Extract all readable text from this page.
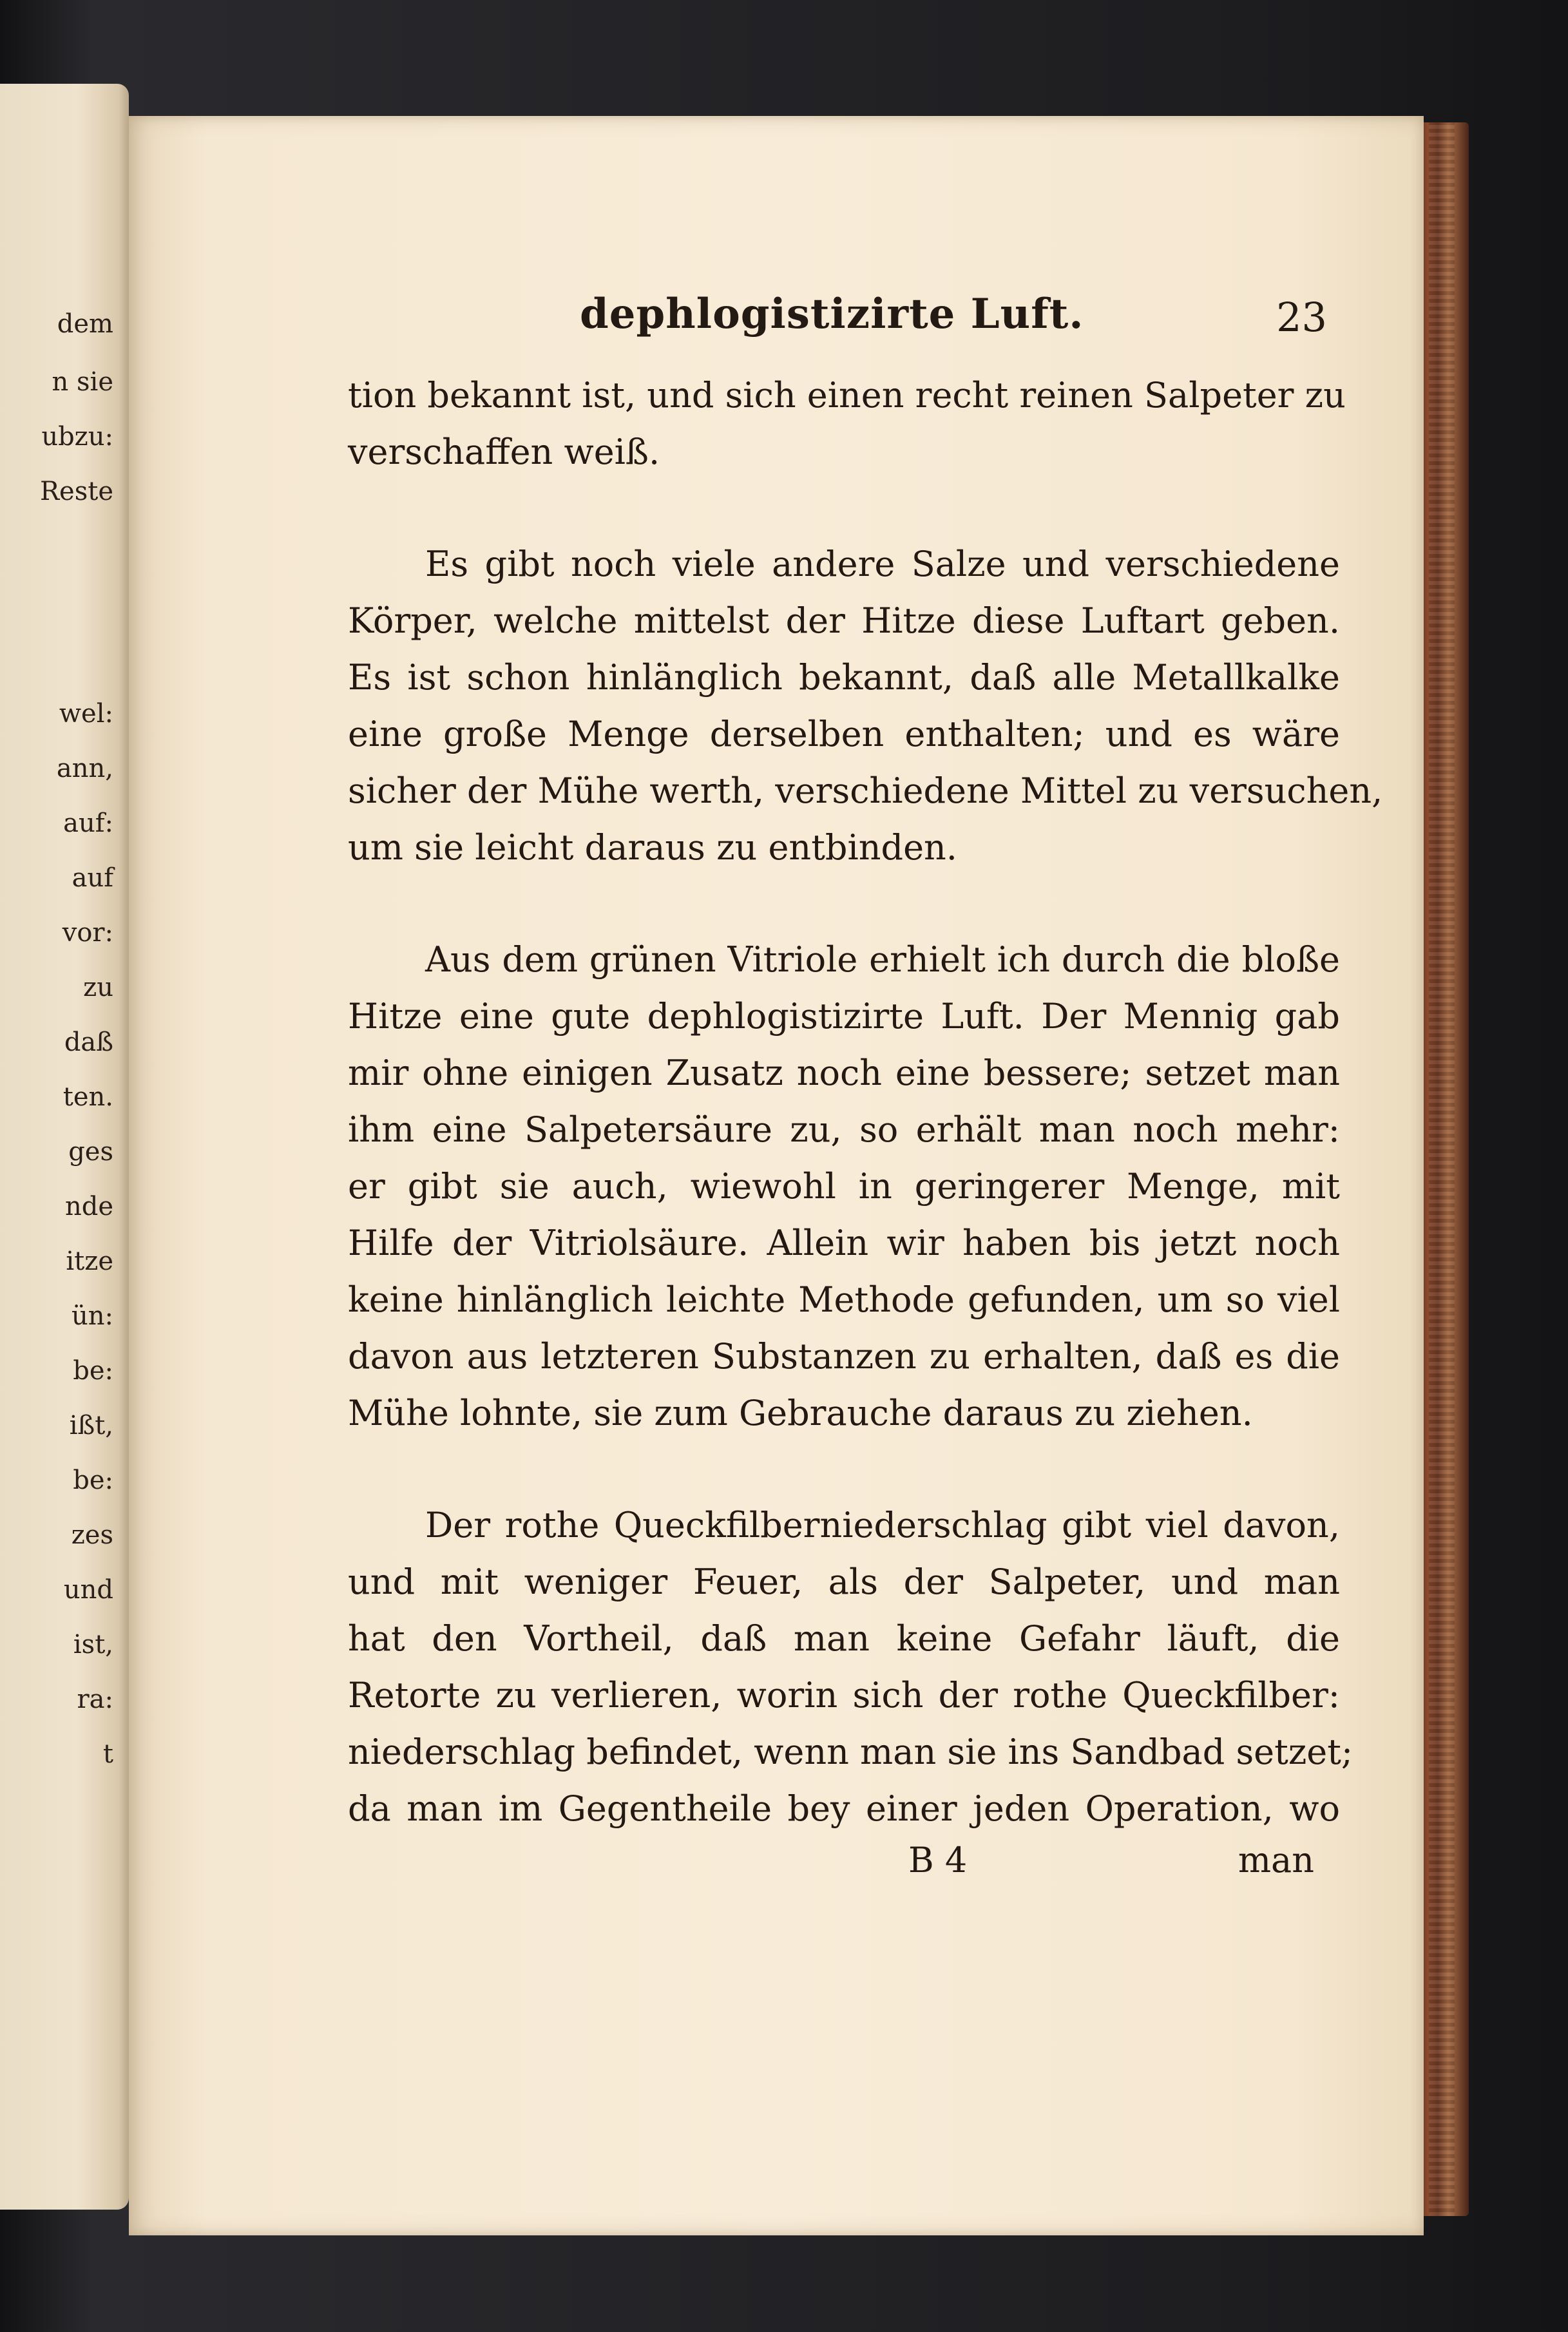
dem
n sie
ubzu:
Reste
wel:
ann,
auf:
auf
vor:
zu
daß
ten.
ges
nde
itze
ün:
be:
ißt,
be:
zes
und
ist,
ra:
t
dephlogistizirte Luft.	23
tion bekannt ist, und sich einen recht reinen Salpeter zu
verschaffen weiß.
Es gibt noch viele andere Salze und verschiedene
Körper, welche mittelst der Hitze diese Luftart geben.
Es ist schon hinlänglich bekannt, daß alle Metallkalke
eine große Menge derselben enthalten; und es wäre
sicher der Mühe werth, verschiedene Mittel zu versuchen,
um sie leicht daraus zu entbinden.
Aus dem grünen Vitriole erhielt ich durch die bloße
Hitze eine gute dephlogistizirte Luft. Der Mennig gab
mir ohne einigen Zusatz noch eine bessere; setzet man
ihm eine Salpetersäure zu, so erhält man noch mehr:
er gibt sie auch, wiewohl in geringerer Menge, mit
Hilfe der Vitriolsäure. Allein wir haben bis jetzt noch
keine hinlänglich leichte Methode gefunden, um so viel
davon aus letzteren Substanzen zu erhalten, daß es die
Mühe lohnte, sie zum Gebrauche daraus zu ziehen.
Der rothe Queckfilberniederschlag gibt viel davon,
und mit weniger Feuer, als der Salpeter, und man
hat den Vortheil, daß man keine Gefahr läuft, die
Retorte zu verlieren, worin sich der rothe Queckfilber:
niederschlag befindet, wenn man sie ins Sandbad setzet;
da man im Gegentheile bey einer jeden Operation, wo
B 4	man
